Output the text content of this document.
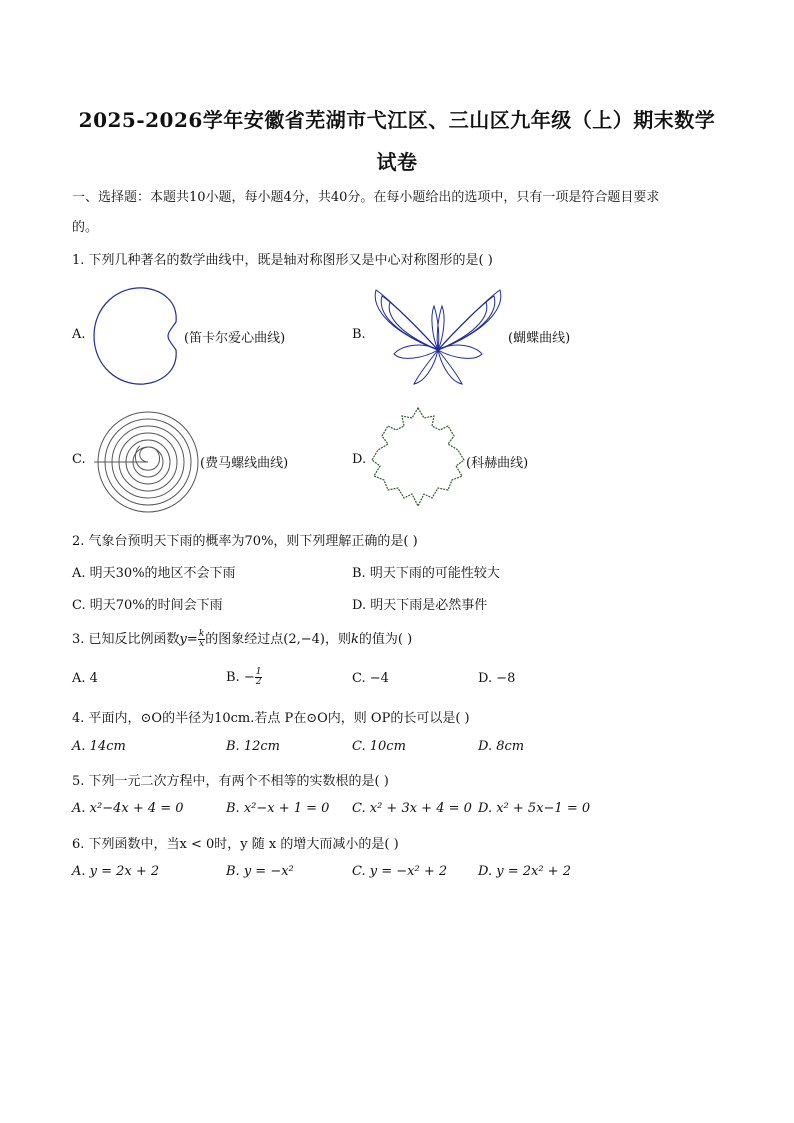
2025-2026学年安徽省芜湖市弋江区、三山区九年级（上）期末数学
试卷
一、选择题：本题共10小题，每小题4分，共40分。在每小题给出的选项中，只有一项是符合题目要求
的。
1. 下列几种著名的数学曲线中，既是轴对称图形又是中心对称图形的是( )
A.	(笛卡尔爱心曲线)	B.	(蝴蝶曲线)
C.	(费马螺线曲线)	D.	(科赫曲线)
2. 气象台预明天下雨的概率为70%，则下列理解正确的是( )
A. 明天30%的地区不会下雨	B. 明天下雨的可能性较大
C. 明天70%的时间会下雨	D. 明天下雨是必然事件
3. 已知反比例函数$y= \frac{k}{x}$ 的图象经过点(2,−4)，则k的值为( )
A. 4	B. − $\frac{1}{2}$	C. −4	D. −8
4. 平面内，⊙O的半径为10cm.若点 P在⊙O内，则 OP的长可以是( )
A. 14cm	B. 12cm	C. 10cm	D. 8cm
5. 下列一元二次方程中，有两个不相等的实数根的是( )
A. x²−4x + 4 = 0	B. x²−x + 1 = 0 C. x² + 3x + 4 = 0 D. x² + 5x−1 = 0
6. 下列函数中，当x < 0时，y 随 x 的增大而减小的是( )
A. y = 2x + 2	B. y = −x²	C. y = −x² + 2 D. y = 2x² + 2
